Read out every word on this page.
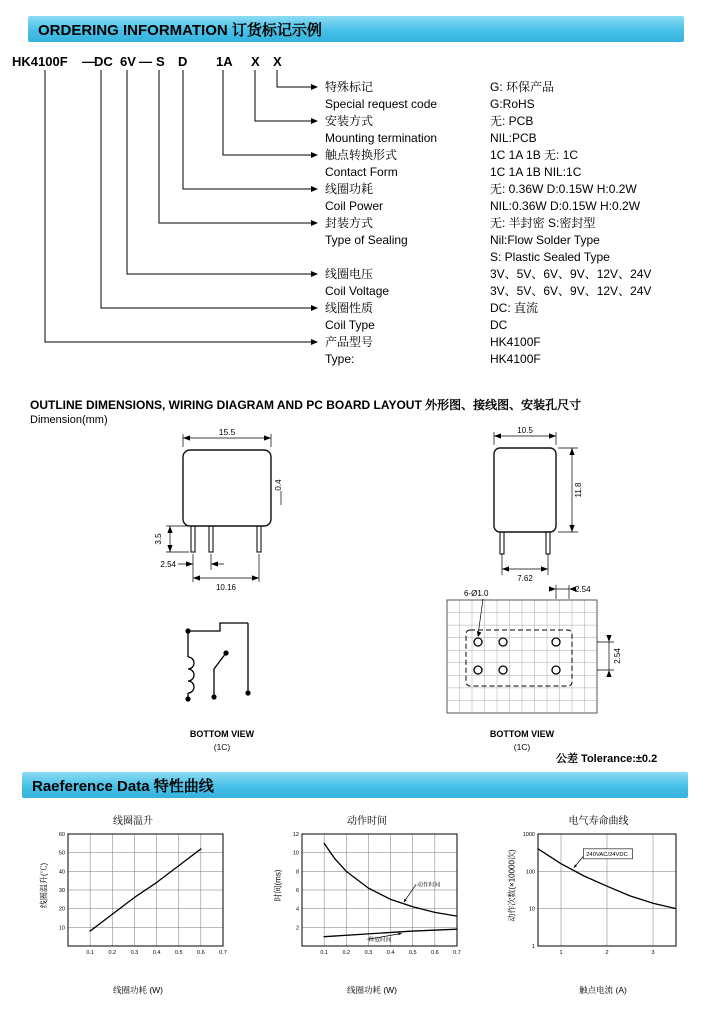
ORDERING INFORMATION 订货标记示例
HK4100F — DC 6V — S D 1A X X
特殊标记	G: 环保产品
Special request code	G:RoHS
安装方式	无: PCB
Mounting termination	NIL:PCB
触点转换形式	1C 1A 1B 无: 1C
Contact Form	1C 1A 1B NIL:1C
线圈功耗	无: 0.36W D:0.15W H:0.2W
Coil Power	NIL:0.36W D:0.15W H:0.2W
封装方式	无: 半封密 S:密封型
Type of Sealing	Nil:Flow Solder Type
S: Plastic Sealed Type
线圈电压	3V、5V、6V、9V、12V、24V
Coil Voltage	3V、5V、6V、9V、12V、24V
线圈性质	DC: 直流
Coil Type	DC
产品型号	HK4100F
Type:	HK4100F
OUTLINE DIMENSIONS, WIRING DIAGRAM AND PC BOARD LAYOUT 外形图、接线图、安装孔尺寸
Dimension(mm)
15.5
3.5
0.4
2.54
10.16
10.5
11.8
7.62
BOTTOM VIEW
(1C)
6-Ø1.0	2.54
2.54
BOTTOM VIEW
(1C)
公差 Tolerance:±0.2
Raeference Data 特性曲线
线圈温升
线圈温升(℃)
0.1	0.2	0.3	0.4	0.5	0.6	0.7
10
20
30
40
50
60
线圈功耗 (W)
动作时间
时间(ms)
0.1	0.2	0.3	0.4	0.5	0.6	0.7
2
4
6
8
10
12
动作时间
释放时间
线圈功耗 (W)
电气寿命曲线
动作次数(×10000次)
1	2	3
1
10
100
1000
240VAC/24VDC
触点电流 (A)
